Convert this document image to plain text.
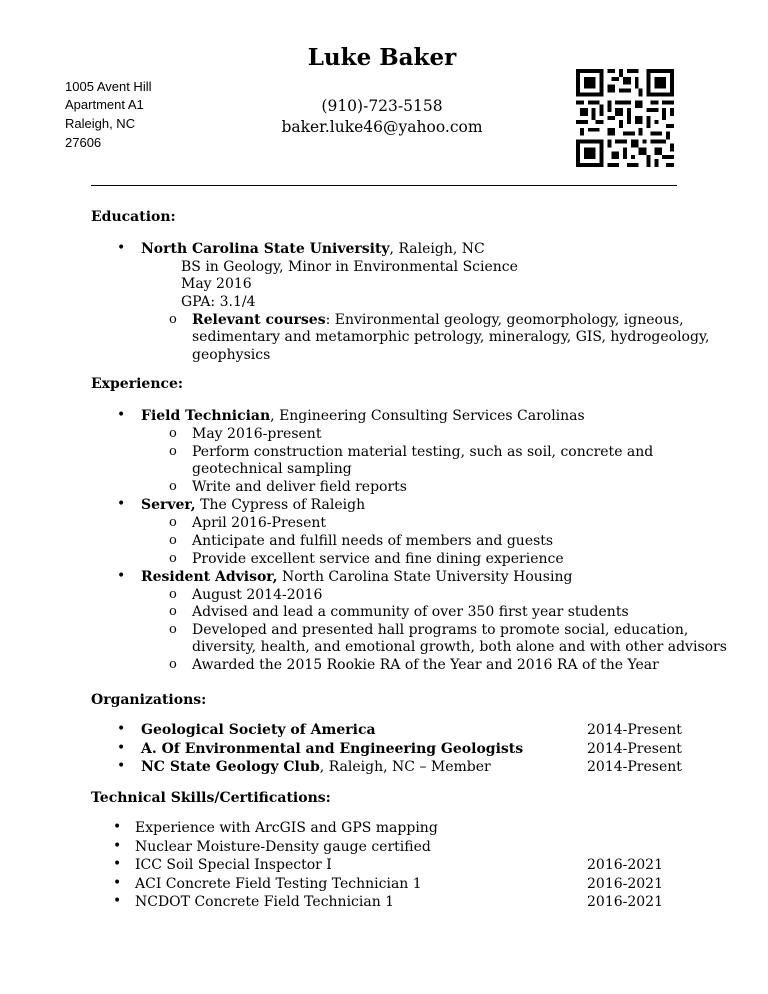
Luke Baker
1005 Avent Hill
Apartment A1
Raleigh, NC
27606
(910)-723-5158
baker.luke46@yahoo.com
Education:
• North Carolina State University, Raleigh, NC
BS in Geology, Minor in Environmental Science
May 2016
GPA: 3.1/4
o Relevant courses: Environmental geology, geomorphology, igneous,
sedimentary and metamorphic petrology, mineralogy, GIS, hydrogeology,
geophysics
Experience:
• Field Technician, Engineering Consulting Services Carolinas
o May 2016-present
o Perform construction material testing, such as soil, concrete and
geotechnical sampling
o Write and deliver field reports
• Server, The Cypress of Raleigh
o April 2016-Present
o Anticipate and fulfill needs of members and guests
o Provide excellent service and fine dining experience
• Resident Advisor, North Carolina State University Housing
o August 2014-2016
o Advised and lead a community of over 350 first year students
o Developed and presented hall programs to promote social, education,
diversity, health, and emotional growth, both alone and with other advisors
o Awarded the 2015 Rookie RA of the Year and 2016 RA of the Year
Organizations:
• Geological Society of America	2014-Present
• A. Of Environmental and Engineering Geologists	2014-Present
• NC State Geology Club, Raleigh, NC – Member	2014-Present
Technical Skills/Certifications:
• Experience with ArcGIS and GPS mapping
• Nuclear Moisture-Density gauge certified
• ICC Soil Special Inspector I	2016-2021
• ACI Concrete Field Testing Technician 1	2016-2021
• NCDOT Concrete Field Technician 1	2016-2021
